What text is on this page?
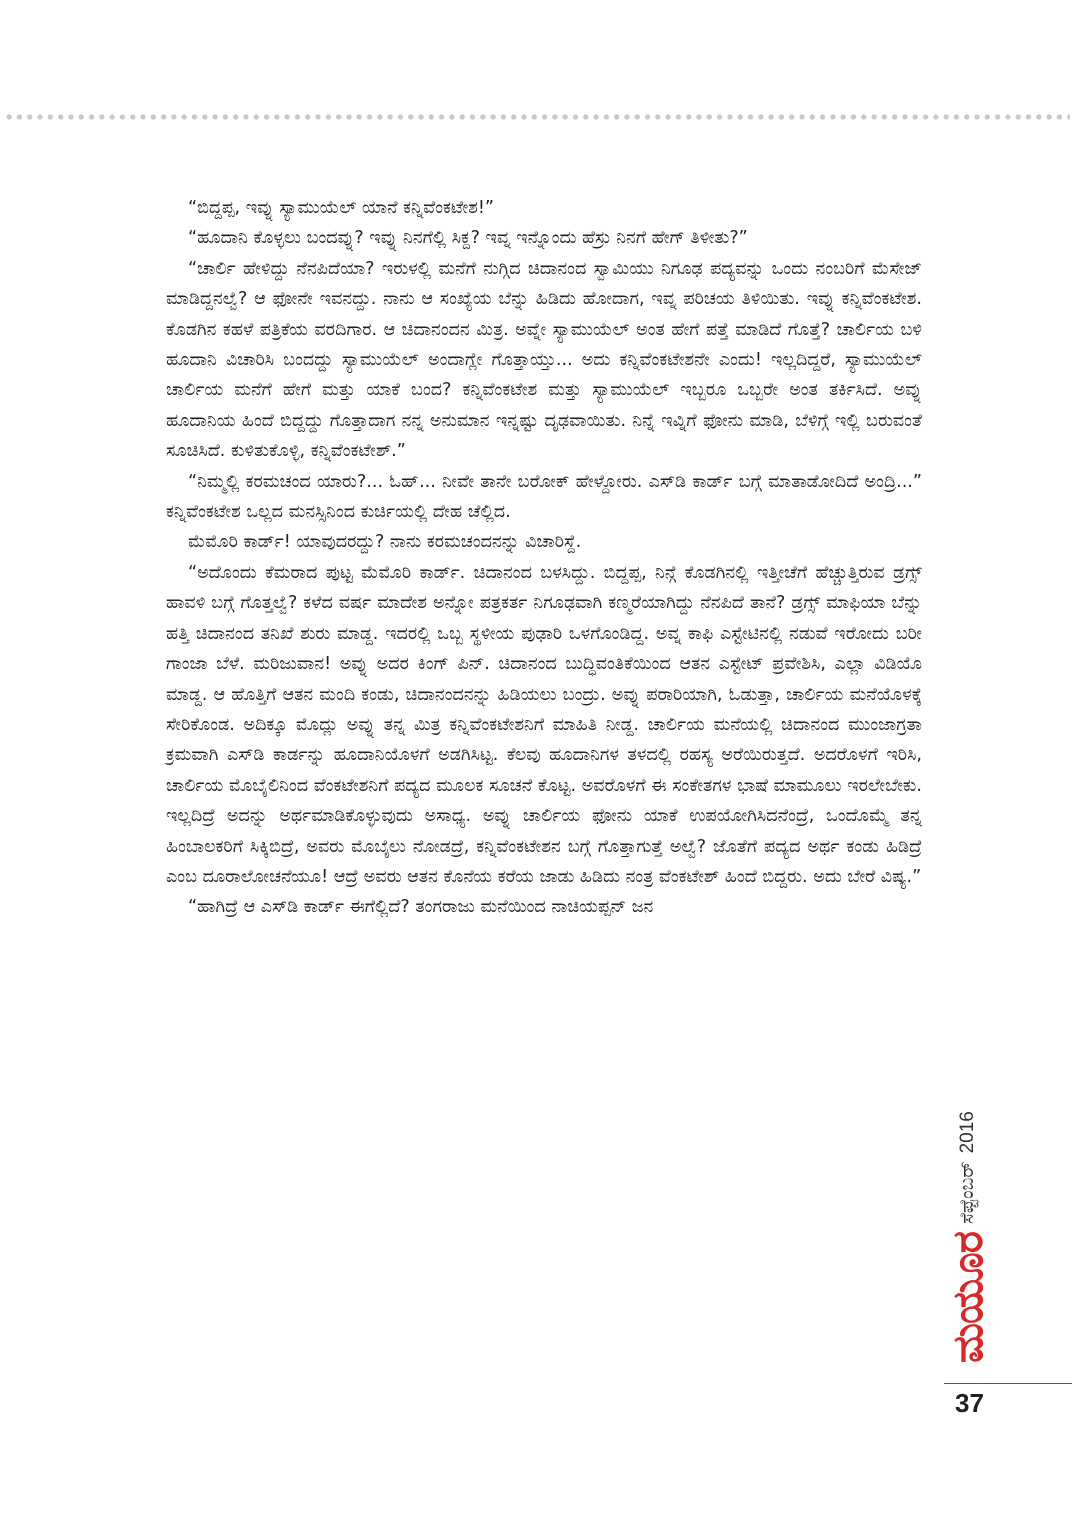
“ಬಿದ್ದಪ್ಪ, ಇವ್ನು ಸ್ಯಾಮುಯೆಲ್ ಯಾನೆ ಕನ್ನಿವೆಂಕಟೇಶ!”

“ಹೂದಾನಿ ಕೊಳ್ಳಲು ಬಂದವ್ನು? ಇವ್ನು ನಿನಗೆಲ್ಲಿ ಸಿಕ್ದ? ಇವ್ನ ಇನ್ನೊಂದು ಹೆಸ್ರು ನಿನಗೆ ಹೇಗ್ ತಿಳೀತು?”

“ಚಾರ್ಲಿ ಹೇಳಿದ್ದು ನೆನಪಿದೆಯಾ? ಇರುಳಲ್ಲಿ ಮನೆಗೆ ನುಗ್ಗಿದ ಚಿದಾನಂದ ಸ್ವಾಮಿಯು ನಿಗೂಢ ಪದ್ಯವನ್ನು ಒಂದು ನಂಬರಿಗೆ ಮೆಸೇಜ್ ಮಾಡಿದ್ದನಲ್ವೆ? ಆ ಫೋನೇ ಇವನದ್ದು. ನಾನು ಆ ಸಂಖ್ಯೆಯ ಬೆನ್ನು ಹಿಡಿದು ಹೋದಾಗ, ಇವ್ನ ಪರಿಚಯ ತಿಳಿಯಿತು. ಇವ್ನು ಕನ್ನಿವೆಂಕಟೇಶ. ಕೊಡಗಿನ ಕಹಳೆ ಪತ್ರಿಕೆಯ ವರದಿಗಾರ. ಆ ಚಿದಾನಂದನ ಮಿತ್ರ. ಅವ್ನೇ ಸ್ಯಾಮುಯೆಲ್ ಅಂತ ಹೇಗೆ ಪತ್ತೆ ಮಾಡಿದೆ ಗೊತ್ತೆ? ಚಾರ್ಲಿಯ ಬಳಿ ಹೂದಾನಿ ವಿಚಾರಿಸಿ ಬಂದದ್ದು ಸ್ಯಾಮುಯೆಲ್ ಅಂದಾಗ್ಲೇ ಗೊತ್ತಾಯ್ತು... ಅದು ಕನ್ನಿವೆಂಕಟೇಶನೇ ಎಂದು! ಇಲ್ಲದಿದ್ದರೆ, ಸ್ಯಾಮುಯೆಲ್ ಚಾರ್ಲಿಯ ಮನೆಗೆ ಹೇಗೆ ಮತ್ತು ಯಾಕೆ ಬಂದ? ಕನ್ನಿವೆಂಕಟೇಶ ಮತ್ತು ಸ್ಯಾಮುಯೆಲ್ ಇಬ್ಬರೂ ಒಬ್ಬರೇ ಅಂತ ತರ್ಕಿಸಿದೆ. ಅವ್ನು ಹೂದಾನಿಯ ಹಿಂದೆ ಬಿದ್ದದ್ದು ಗೊತ್ತಾದಾಗ ನನ್ನ ಅನುಮಾನ ಇನ್ನಷ್ಟು ದೃಢವಾಯಿತು. ನಿನ್ನೆ ಇವ್ನಿಗೆ ಫೋನು ಮಾಡಿ, ಬೆಳಿಗ್ಗೆ ಇಲ್ಲಿ ಬರುವಂತೆ ಸೂಚಿಸಿದೆ. ಕುಳಿತುಕೊಳ್ಳಿ, ಕನ್ನಿವೆಂಕಟೇಶ್.”

“ನಿಮ್ಮಲ್ಲಿ ಕರಮಚಂದ ಯಾರು?... ಓಹ್... ನೀವೇ ತಾನೇ ಬರೋಕ್ ಹೇಳ್ದೋರು. ಎಸ್‌ಡಿ ಕಾರ್ಡ್ ಬಗ್ಗೆ ಮಾತಾಡೋದಿದೆ ಅಂದ್ರಿ...” ಕನ್ನಿವೆಂಕಟೇಶ ಒಲ್ಲದ ಮನಸ್ಸಿನಿಂದ ಕುರ್ಚಿಯಲ್ಲಿ ದೇಹ ಚೆಲ್ಲಿದ.

ಮೆಮೊರಿ ಕಾರ್ಡ್! ಯಾವುದರದ್ದು? ನಾನು ಕರಮಚಂದನನ್ನು ವಿಚಾರಿಸ್ದೆ.

“ಅದೊಂದು ಕೆಮರಾದ ಪುಟ್ಟ ಮೆಮೊರಿ ಕಾರ್ಡ್. ಚಿದಾನಂದ ಬಳಸಿದ್ದು. ಬಿದ್ದಪ್ಪ, ನಿನ್ಗೆ ಕೊಡಗಿನಲ್ಲಿ ಇತ್ತೀಚೆಗೆ ಹೆಚ್ಚುತ್ತಿರುವ ಡ್ರಗ್ಸ್ ಹಾವಳಿ ಬಗ್ಗೆ ಗೊತ್ತಲ್ವೆ? ಕಳೆದ ವರ್ಷ ಮಾದೇಶ ಅನ್ನೋ ಪತ್ರಕರ್ತ ನಿಗೂಢವಾಗಿ ಕಣ್ಮರೆಯಾಗಿದ್ದು ನೆನಪಿದೆ ತಾನೆ? ಡ್ರಗ್ಸ್ ಮಾಫಿಯಾ ಬೆನ್ನು ಹತ್ತಿ ಚಿದಾನಂದ ತನಿಖೆ ಶುರು ಮಾಡ್ದ. ಇದರಲ್ಲಿ ಒಬ್ಬ ಸ್ಥಳೀಯ ಪುಢಾರಿ ಒಳಗೊಂಡಿದ್ದ. ಅವ್ನ ಕಾಫಿ ಎಸ್ಟೇಟಿನಲ್ಲಿ ನಡುವೆ ಇರೋದು ಬರೀ ಗಾಂಜಾ ಬೆಳೆ. ಮರಿಜುವಾನ! ಅವ್ನು ಅದರ ಕಿಂಗ್ ಪಿನ್. ಚಿದಾನಂದ ಬುದ್ಧಿವಂತಿಕೆಯಿಂದ ಆತನ ಎಸ್ಟೇಟ್ ಪ್ರವೇಶಿಸಿ, ಎಲ್ಲಾ ವಿಡಿಯೊ ಮಾಡ್ದ. ಆ ಹೊತ್ತಿಗೆ ಆತನ ಮಂದಿ ಕಂಡು, ಚಿದಾನಂದನನ್ನು ಹಿಡಿಯಲು ಬಂದ್ರು. ಅವ್ನು ಪರಾರಿಯಾಗಿ, ಓಡುತ್ತಾ, ಚಾರ್ಲಿಯ ಮನೆಯೊಳಕ್ಕೆ ಸೇರಿಕೊಂಡ. ಅದಿಕ್ಕೂ ಮೊದ್ಲು ಅವ್ನು ತನ್ನ ಮಿತ್ರ ಕನ್ನಿವೆಂಕಟೇಶನಿಗೆ ಮಾಹಿತಿ ನೀಡ್ದ. ಚಾರ್ಲಿಯ ಮನೆಯಲ್ಲಿ ಚಿದಾನಂದ ಮುಂಜಾಗ್ರತಾ ಕ್ರಮವಾಗಿ ಎಸ್‌ಡಿ ಕಾರ್ಡನ್ನು ಹೂದಾನಿಯೊಳಗೆ ಅಡಗಿಸಿಟ್ಟ. ಕೆಲವು ಹೂದಾನಿಗಳ ತಳದಲ್ಲಿ ರಹಸ್ಯ ಅರೆಯಿರುತ್ತದೆ. ಅದರೊಳಗೆ ಇರಿಸಿ, ಚಾರ್ಲಿಯ ಮೊಬೈಲಿನಿಂದ ವೆಂಕಟೇಶನಿಗೆ ಪದ್ಯದ ಮೂಲಕ ಸೂಚನೆ ಕೊಟ್ಟ. ಅವರೊಳಗೆ ಈ ಸಂಕೇತಗಳ ಭಾಷೆ ಮಾಮೂಲು ಇರಲೇಬೇಕು. ಇಲ್ಲದಿದ್ರೆ ಅದನ್ನು ಅರ್ಥಮಾಡಿಕೊಳ್ಳುವುದು ಅಸಾಧ್ಯ. ಅವ್ನು ಚಾರ್ಲಿಯ ಫೋನು ಯಾಕೆ ಉಪಯೋಗಿಸಿದನೆಂದ್ರೆ, ಒಂದೊಮ್ಮೆ ತನ್ನ ಹಿಂಬಾಲಕರಿಗೆ ಸಿಕ್ಕಿಬಿದ್ರೆ, ಅವರು ಮೊಬೈಲು ನೋಡದ್ರೆ, ಕನ್ನಿವೆಂಕಟೇಶನ ಬಗ್ಗೆ ಗೊತ್ತಾಗುತ್ತೆ ಅಲ್ವೆ? ಜೊತೆಗೆ ಪದ್ಯದ ಅರ್ಥ ಕಂಡು ಹಿಡಿದ್ರೆ ಎಂಬ ದೂರಾಲೋಚನೆಯೂ! ಆದ್ರೆ ಅವರು ಆತನ ಕೊನೆಯ ಕರೆಯ ಜಾಡು ಹಿಡಿದು ನಂತ್ರ ವೆಂಕಟೇಶ್ ಹಿಂದೆ ಬಿದ್ದರು. ಅದು ಬೇರೆ ವಿಷ್ಯ.”

“ಹಾಗಿದ್ರೆ ಆ ಎಸ್‌ಡಿ ಕಾರ್ಡ್ ಈಗೆಲ್ಲಿದೆ? ತಂಗರಾಜು ಮನೆಯಿಂದ ನಾಚಿಯಪ್ಪನ್ ಜನ

ಮಯೂರ
ಸೆಪ್ಟೆಂಬರ್
2016
37
